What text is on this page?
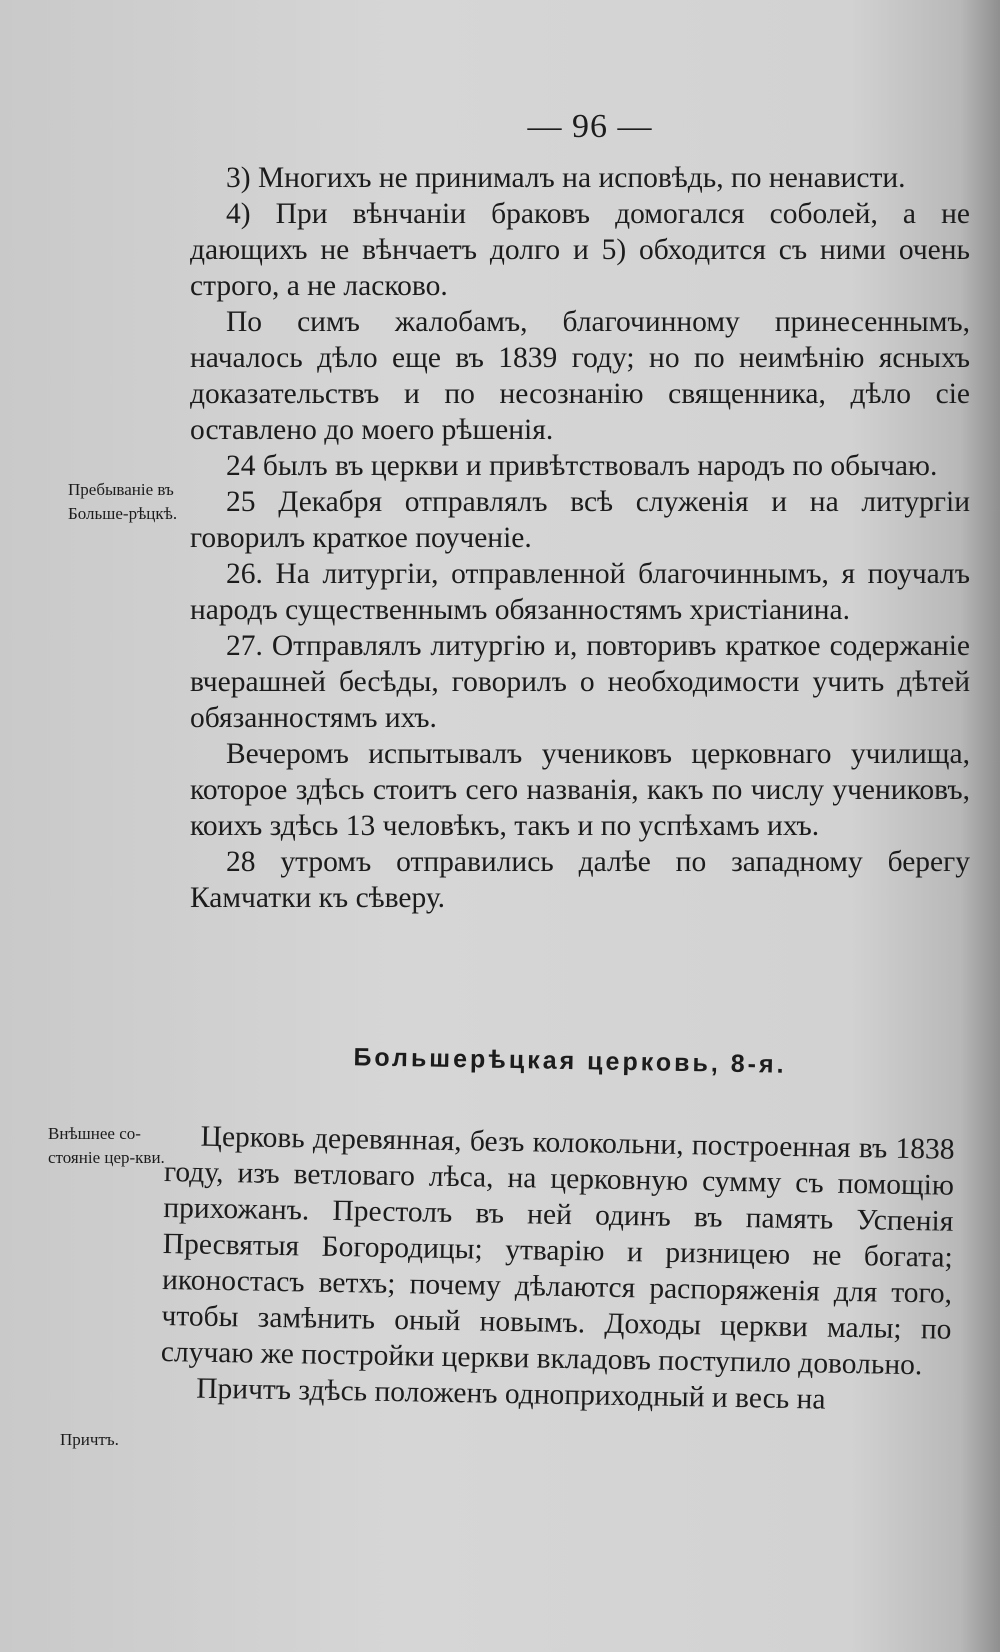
— 96 —
Пребываніе въ Больше-рѣцкѣ.

3) Многихъ не принималъ на исповѣдь, по ненависти.

4) При вѣнчаніи браковъ домогался соболей, а не дающихъ не вѣнчаетъ долго и 5) обходится съ ними очень строго, а не ласково.

По симъ жалобамъ, благочинному принесеннымъ, началось дѣло еще въ 1839 году; но по неимѣнію ясныхъ доказательствъ и по несознанію священника, дѣло сіе оставлено до моего рѣшенія.

24 былъ въ церкви и привѣтствовалъ народъ по обычаю.

25 Декабря отправлялъ всѣ служенія и на литургіи говорилъ краткое поученіе.

26. На литургіи, отправленной благочиннымъ, я поучалъ народъ существеннымъ обязанностямъ христіанина.

27. Отправлялъ литургію и, повторивъ краткое содержаніе вчерашней бесѣды, говорилъ о необходимости учить дѣтей обязанностямъ ихъ.

Вечеромъ испытывалъ учениковъ церковнаго училища, которое здѣсь стоитъ сего названія, какъ по числу учениковъ, коихъ здѣсь 13 человѣкъ, такъ и по успѣхамъ ихъ.

28 утромъ отправились далѣе по западному берегу Камчатки къ сѣверу.

Большерѣцкая церковь, 8-я.
Внѣшнее со-стояніе цер-кви.
Причтъ.

Церковь деревянная, безъ колокольни, построенная въ 1838 году, изъ ветловаго лѣса, на церковную сумму съ помощію прихожанъ. Престолъ въ ней одинъ въ память Успенія Пресвятыя Богородицы; утварію и ризницею не богата; иконостасъ ветхъ; почему дѣлаются распоряженія для того, чтобы замѣнить оный новымъ. Доходы церкви малы; по случаю же постройки церкви вкладовъ поступило довольно.

Причтъ здѣсь положенъ одноприходный и весь на
